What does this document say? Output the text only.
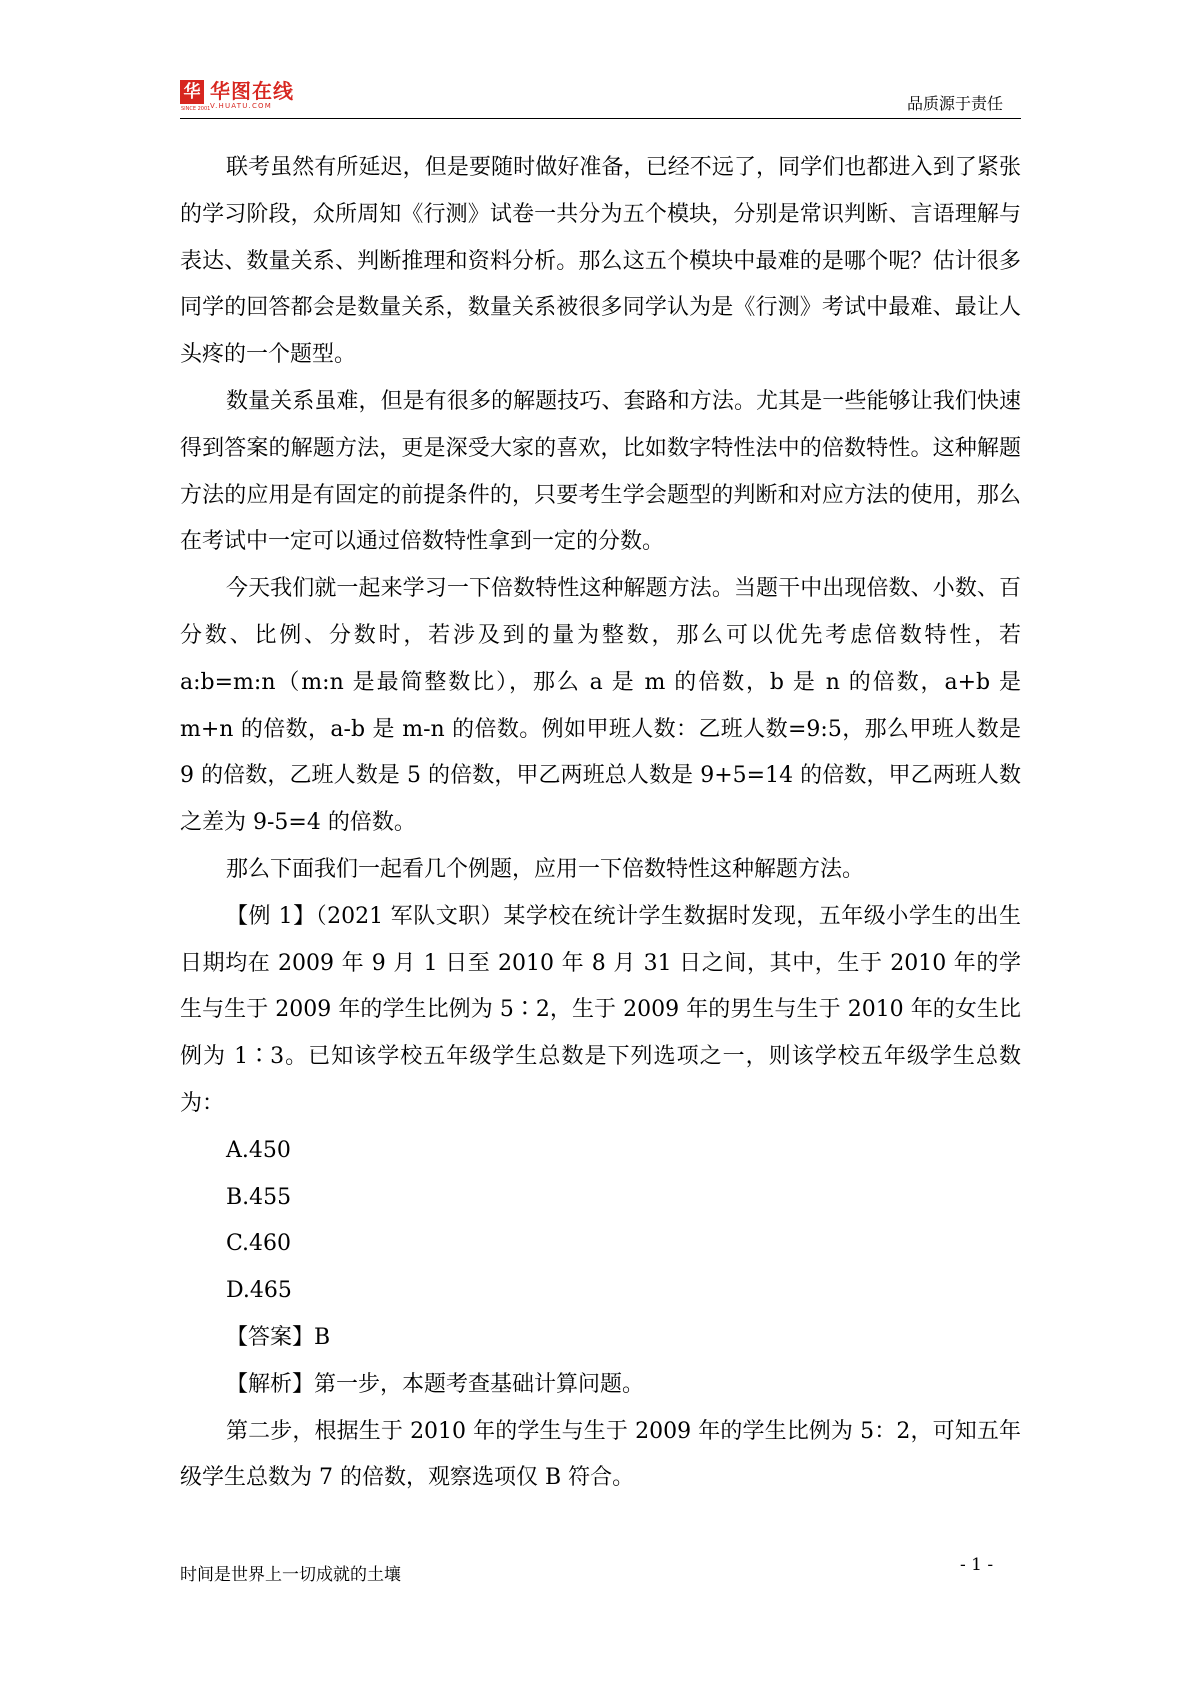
华 华图在线
V.HUATU.COM
SINCE 2001	品质源于责任

联考虽然有所延迟，但是要随时做好准备，已经不远了，同学们也都进入到了紧张的学习阶段，众所周知《行测》试卷一共分为五个模块，分别是常识判断、言语理解与表达、数量关系、判断推理和资料分析。那么这五个模块中最难的是哪个呢？估计很多同学的回答都会是数量关系，数量关系被很多同学认为是《行测》考试中最难、最让人头疼的一个题型。

数量关系虽难，但是有很多的解题技巧、套路和方法。尤其是一些能够让我们快速得到答案的解题方法，更是深受大家的喜欢，比如数字特性法中的倍数特性。这种解题方法的应用是有固定的前提条件的，只要考生学会题型的判断和对应方法的使用，那么在考试中一定可以通过倍数特性拿到一定的分数。

今天我们就一起来学习一下倍数特性这种解题方法。当题干中出现倍数、小数、百分数、比例、分数时，若涉及到的量为整数，那么可以优先考虑倍数特性，若 a:b=m:n（m:n 是最简整数比），那么 a 是 m 的倍数，b 是 n 的倍数，a+b 是 m+n 的倍数，a-b 是 m-n 的倍数。例如甲班人数：乙班人数=9:5，那么甲班人数是 9 的倍数，乙班人数是 5 的倍数，甲乙两班总人数是 9+5=14 的倍数，甲乙两班人数之差为 9-5=4 的倍数。

那么下面我们一起看几个例题，应用一下倍数特性这种解题方法。

【例 1】（2021 军队文职）某学校在统计学生数据时发现，五年级小学生的出生日期均在 2009 年 9 月 1 日至 2010 年 8 月 31 日之间，其中，生于 2010 年的学生与生于 2009 年的学生比例为 5∶2，生于 2009 年的男生与生于 2010 年的女生比例为 1∶3。已知该学校五年级学生总数是下列选项之一，则该学校五年级学生总数为：

A.450

B.455

C.460

D.465

【答案】B

【解析】第一步，本题考查基础计算问题。

第二步，根据生于 2010 年的学生与生于 2009 年的学生比例为 5：2，可知五年级学生总数为 7 的倍数，观察选项仅 B 符合。

时间是世界上一切成就的土壤	- 1 -
